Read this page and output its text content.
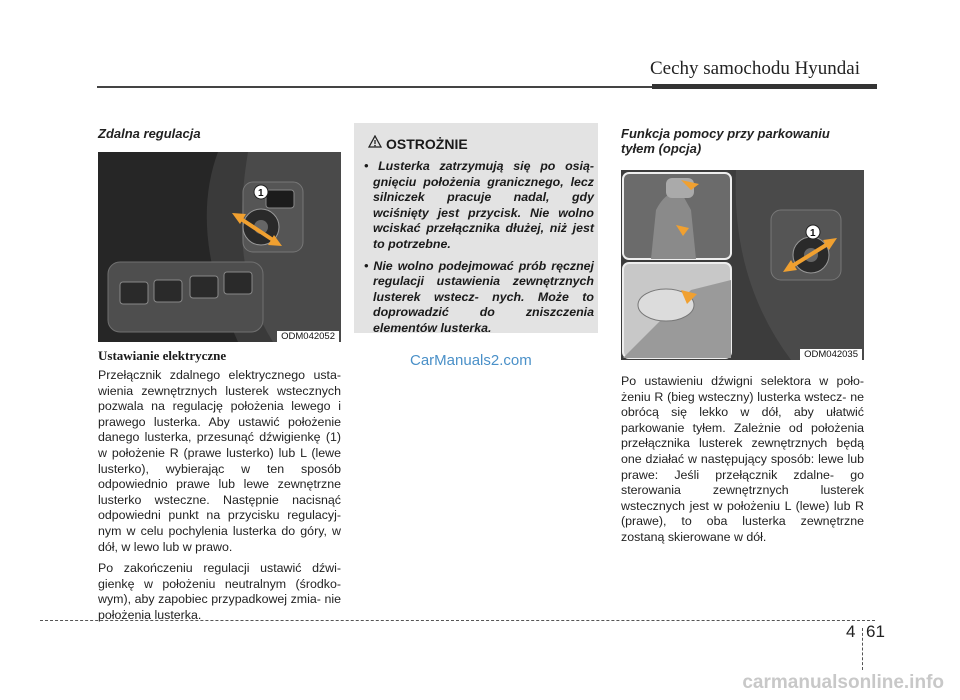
Cechy samochodu Hyundai
Zdalna regulacja
1
ODM042052
Ustawianie elektryczne

Przełącznik zdalnego elektrycznego usta- wienia zewnętrznych lusterek wstecznych pozwala na regulację położenia lewego i prawego lusterka. Aby ustawić położenie danego lusterka, przesunąć dźwigienkę (1) w położenie R (prawe lusterko) lub L (lewe lusterko), wybierając w ten sposób odpowiednio prawe lub lewe zewnętrzne lusterko wsteczne. Następnie nacisnąć odpowiedni punkt na przycisku regulacyj- nym w celu pochylenia lusterka do góry, w dół, w lewo lub w prawo.

Po zakończeniu regulacji ustawić dźwi- gienkę w położeniu neutralnym (środko- wym), aby zapobiec przypadkowej zmia- nie położenia lusterka.

OSTROŻNIE
• Lusterka zatrzymują się po osią- gnięciu położenia granicznego, lecz silniczek pracuje nadal, gdy wciśnięty jest przycisk. Nie wolno wciskać przełącznika dłużej, niż jest to potrzebne.
• Nie wolno podejmować prób ręcznej regulacji ustawienia zewnętrznych lusterek wstecz- nych. Może to doprowadzić do zniszczenia elementów lusterka.
CarManuals2.com
Funkcja pomocy przy parkowaniu
tyłem (opcja)
1
ODM042035

Po ustawieniu dźwigni selektora w poło- żeniu R (bieg wsteczny) lusterka wstecz- ne obrócą się lekko w dół, aby ułatwić parkowanie tyłem. Zależnie od położenia przełącznika lusterek zewnętrznych będą one działać w następujący sposób: lewe lub prawe: Jeśli przełącznik zdalne- go sterowania zewnętrznych lusterek wstecznych jest w położeniu L (lewe) lub R (prawe), to oba lusterka zewnętrzne zostaną skierowane w dół.

4 61
carmanualsonline.info
